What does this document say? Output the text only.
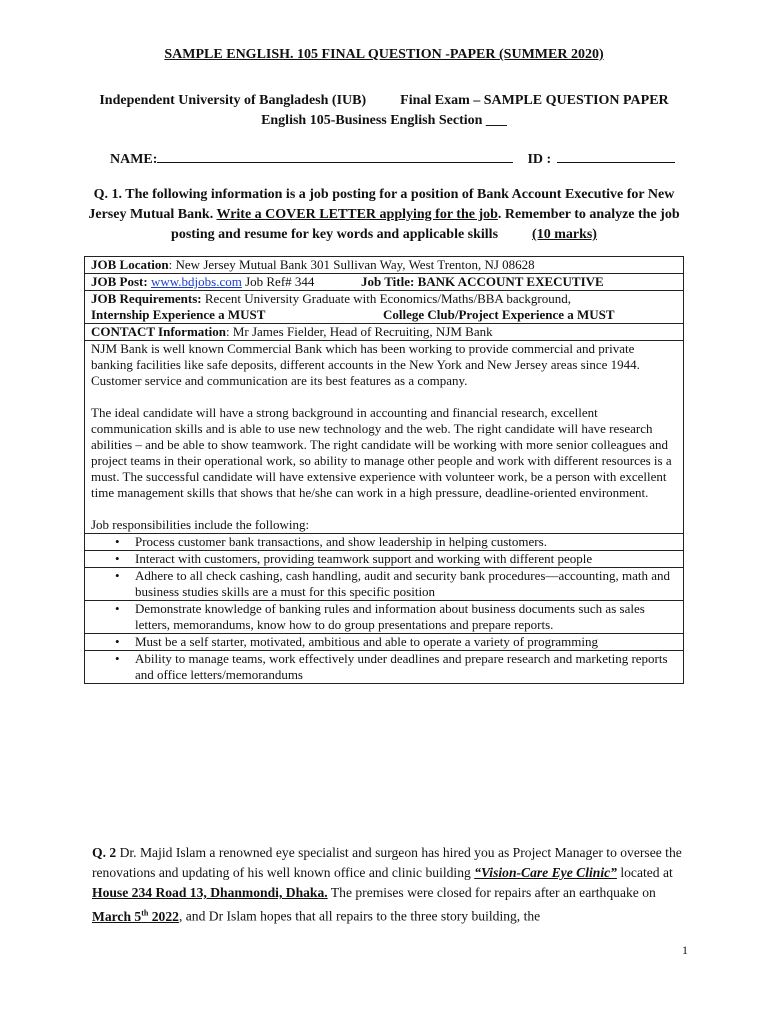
SAMPLE ENGLISH. 105 FINAL QUESTION -PAPER (SUMMER 2020)
Independent University of Bangladesh (IUB) Final Exam – SAMPLE QUESTION PAPER
English 105-Business English Section ___
NAME:	ID :
Q. 1. The following information is a job posting for a position of Bank Account Executive for New Jersey Mutual Bank. Write a COVER LETTER applying for the job. Remember to analyze the job posting and resume for key words and applicable skills (10 marks)
JOB Location: New Jersey Mutual Bank 301 Sullivan Way, West Trenton, NJ 08628

JOB Post: www.bdjobs.com Job Ref# 344	Job Title: BANK ACCOUNT EXECUTIVE

JOB Requirements: Recent University Graduate with Economics/Maths/BBA background,
Internship Experience a MUST	College Club/Project Experience a MUST

CONTACT Information: Mr James Fielder, Head of Recruiting, NJM Bank

NJM Bank is well known Commercial Bank which has been working to provide commercial and private banking facilities like safe deposits, different accounts in the New York and New Jersey areas since 1944. Customer service and communication are its best features as a company.

The ideal candidate will have a strong background in accounting and financial research, excellent communication skills and is able to use new technology and the web. The right candidate will have research abilities – and be able to show teamwork. The right candidate will be working with more senior colleagues and project teams in their operational work, so ability to manage other people and work with different resources is a must. The successful candidate will have extensive experience with volunteer work, be a person with excellent time management skills that shows that he/she can work in a high pressure, deadline-oriented environment.

Job responsibilities include the following:

•	Process customer bank transactions, and show leadership in helping customers.

•	Interact with customers, providing teamwork support and working with different people

•	Adhere to all check cashing, cash handling, audit and security bank procedures—accounting, math and business studies skills are a must for this specific position

•	Demonstrate knowledge of banking rules and information about business documents such as sales letters, memorandums, know how to do group presentations and prepare reports.

•	Must be a self starter, motivated, ambitious and able to operate a variety of programming

•	Ability to manage teams, work effectively under deadlines and prepare research and marketing reports and office letters/memorandums
Q. 2 Dr. Majid Islam a renowned eye specialist and surgeon has hired you as Project Manager to oversee the renovations and updating of his well known office and clinic building “Vision-Care Eye Clinic” located at House 234 Road 13, Dhanmondi, Dhaka. The premises were closed for repairs after an earthquake on March 5th 2022, and Dr Islam hopes that all repairs to the three story building, the
1
